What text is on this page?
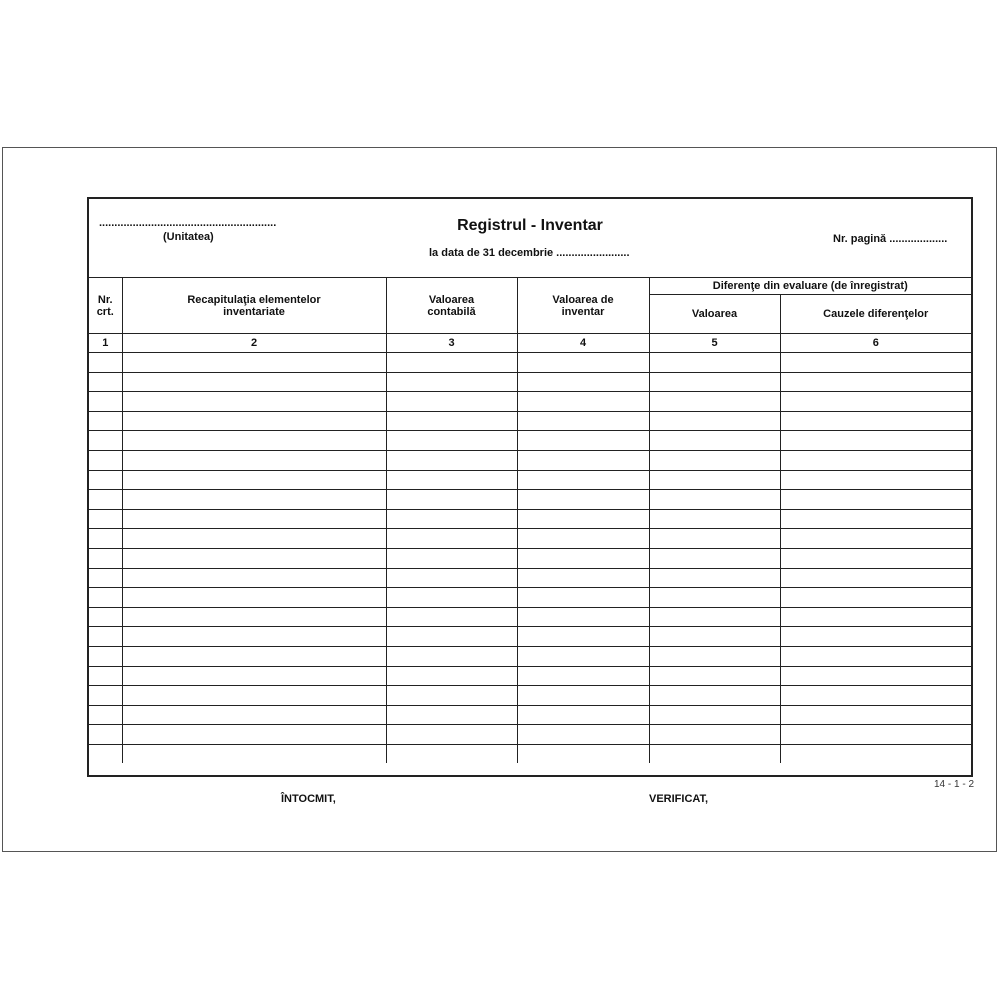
..........................................................
(Unitatea)
Registrul - Inventar
la data de 31 decembrie ........................
Nr. pagină ...................
Nr. crt.	Recapitulaţia elementelor inventariate	Valoarea contabilă	Valoarea de inventar	Diferenţe din evaluare (de înregistrat)	
				Valoarea	Cauzele diferenţelor
1	2	3	4	5	6

14 - 1 - 2
ÎNTOCMIT,	VERIFICAT,
